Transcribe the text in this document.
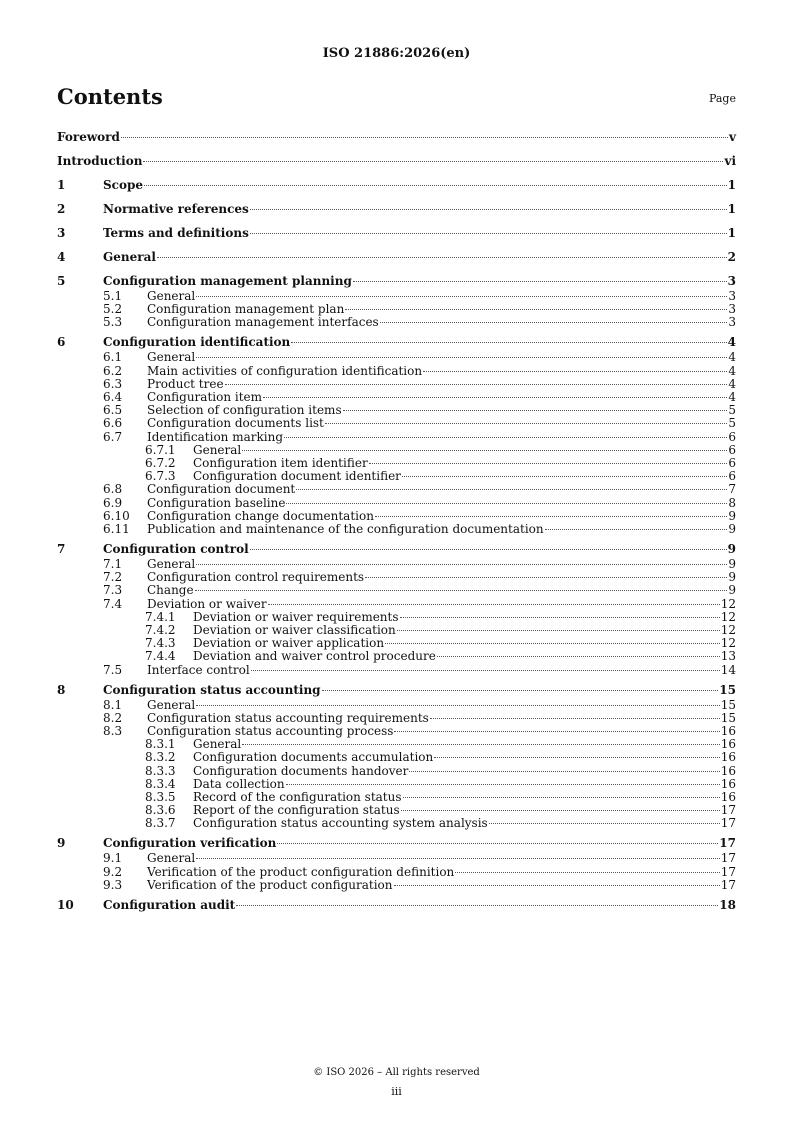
ISO 21886:2026(en)
Contents	Page
Foreword	v
Introduction	vi
1	Scope	1
2	Normative references	1
3	Terms and definitions	1
4	General	2
5	Configuration management planning	3
5.1	General	3
5.2	Configuration management plan	3
5.3	Configuration management interfaces	3
6	Configuration identification	4
6.1	General	4
6.2	Main activities of configuration identification	4
6.3	Product tree	4
6.4	Configuration item	4
6.5	Selection of configuration items	5
6.6	Configuration documents list	5
6.7	Identification marking	6
6.7.1	General	6
6.7.2	Configuration item identifier	6
6.7.3	Configuration document identifier	6
6.8	Configuration document	7
6.9	Configuration baseline	8
6.10	Configuration change documentation	9
6.11	Publication and maintenance of the configuration documentation	9
7	Configuration control	9
7.1	General	9
7.2	Configuration control requirements	9
7.3	Change	9
7.4	Deviation or waiver	12
7.4.1	Deviation or waiver requirements	12
7.4.2	Deviation or waiver classification	12
7.4.3	Deviation or waiver application	12
7.4.4	Deviation and waiver control procedure	13
7.5	Interface control	14
8	Configuration status accounting	15
8.1	General	15
8.2	Configuration status accounting requirements	15
8.3	Configuration status accounting process	16
8.3.1	General	16
8.3.2	Configuration documents accumulation	16
8.3.3	Configuration documents handover	16
8.3.4	Data collection	16
8.3.5	Record of the configuration status	16
8.3.6	Report of the configuration status	17
8.3.7	Configuration status accounting system analysis	17
9	Configuration verification	17
9.1	General	17
9.2	Verification of the product configuration definition	17
9.3	Verification of the product configuration	17
10	Configuration audit	18
© ISO 2026 – All rights reserved
iii
